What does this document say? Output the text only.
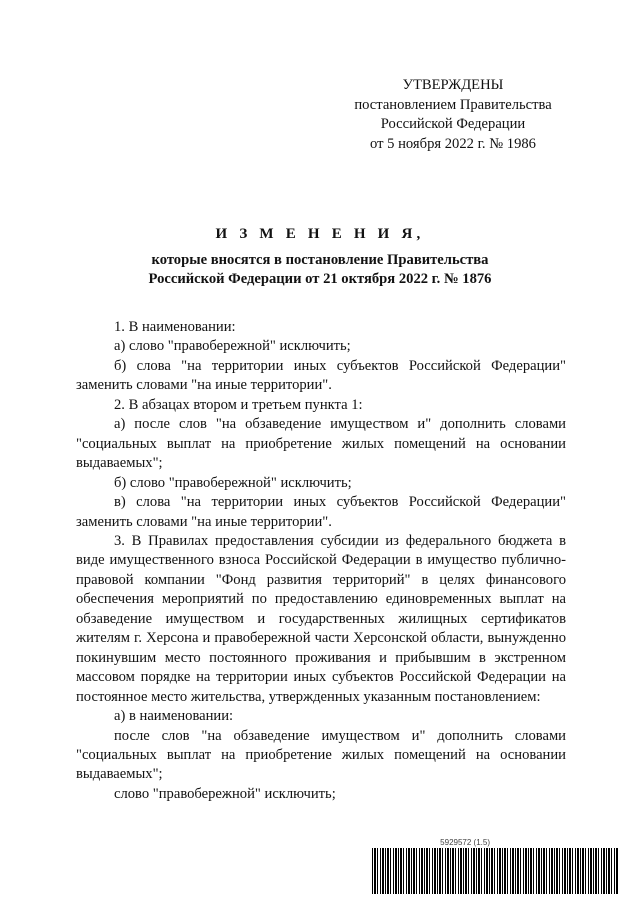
УТВЕРЖДЕНЫ
постановлением Правительства
Российской Федерации
от 5 ноября 2022 г. № 1986
И З М Е Н Е Н И Я,
которые вносятся в постановление Правительства
Российской Федерации от 21 октября 2022 г. № 1876

1. В наименовании:

а) слово "правобережной" исключить;

б) слова "на территории иных субъектов Российской Федерации" заменить словами "на иные территории".

2. В абзацах втором и третьем пункта 1:

а) после слов "на обзаведение имуществом и" дополнить словами "социальных выплат на приобретение жилых помещений на основании выдаваемых";

б) слово "правобережной" исключить;

в) слова "на территории иных субъектов Российской Федерации" заменить словами "на иные территории".

3. В Правилах предоставления субсидии из федерального бюджета в виде имущественного взноса Российской Федерации в имущество публично-правовой компании "Фонд развития территорий" в целях финансового обеспечения мероприятий по предоставлению единовременных выплат на обзаведение имуществом и государственных жилищных сертификатов жителям г. Херсона и правобережной части Херсонской области, вынужденно покинувшим место постоянного проживания и прибывшим в экстренном массовом порядке на территории иных субъектов Российской Федерации на постоянное место жительства, утвержденных указанным постановлением:

а) в наименовании:

после слов "на обзаведение имуществом и" дополнить словами "социальных выплат на приобретение жилых помещений на основании выдаваемых";

слово "правобережной" исключить;

5929572 (1.5)
